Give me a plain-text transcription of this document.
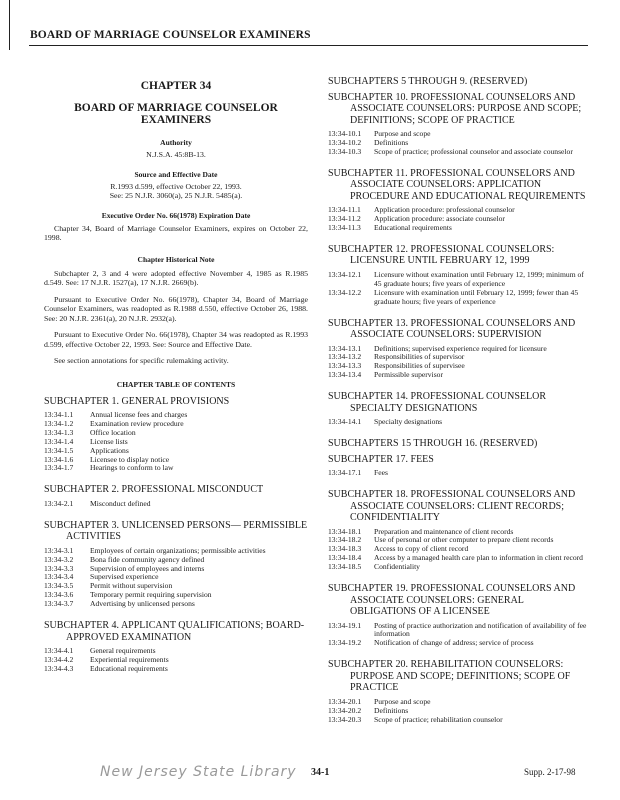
BOARD OF MARRIAGE COUNSELOR EXAMINERS
CHAPTER 34
BOARD OF MARRIAGE COUNSELOR EXAMINERS
Authority
N.J.S.A. 45:8B-13.
Source and Effective Date
R.1993 d.599, effective October 22, 1993.
See: 25 N.J.R. 3060(a), 25 N.J.R. 5485(a).
Executive Order No. 66(1978) Expiration Date
Chapter 34, Board of Marriage Counselor Examiners, expires on October 22, 1998.
Chapter Historical Note
Subchapter 2, 3 and 4 were adopted effective November 4, 1985 as R.1985 d.549. See: 17 N.J.R. 1527(a), 17 N.J.R. 2669(b).
Pursuant to Executive Order No. 66(1978), Chapter 34, Board of Marriage Counselor Examiners, was readopted as R.1988 d.550, effective October 26, 1988. See: 20 N.J.R. 2361(a), 20 N.J.R. 2932(a).
Pursuant to Executive Order No. 66(1978), Chapter 34 was readopted as R.1993 d.599, effective October 22, 1993. See: Source and Effective Date.
See section annotations for specific rulemaking activity.
CHAPTER TABLE OF CONTENTS
SUBCHAPTER 1. GENERAL PROVISIONS
13:34-1.1	Annual license fees and charges
13:34-1.2	Examination review procedure
13:34-1.3	Office location
13:34-1.4	License lists
13:34-1.5	Applications
13:34-1.6	Licensee to display notice
13:34-1.7	Hearings to conform to law
SUBCHAPTER 2. PROFESSIONAL MISCONDUCT
13:34-2.1	Misconduct defined
SUBCHAPTER 3. UNLICENSED PERSONS— PERMISSIBLE ACTIVITIES
13:34-3.1	Employees of certain organizations; permissible activities
13:34-3.2	Bona fide community agency defined
13:34-3.3	Supervision of employees and interns
13:34-3.4	Supervised experience
13:34-3.5	Permit without supervision
13:34-3.6	Temporary permit requiring supervision
13:34-3.7	Advertising by unlicensed persons
SUBCHAPTER 4. APPLICANT QUALIFICATIONS; BOARD-APPROVED EXAMINATION
13:34-4.1	General requirements
13:34-4.2	Experiential requirements
13:34-4.3	Educational requirements
SUBCHAPTERS 5 THROUGH 9. (RESERVED)
SUBCHAPTER 10. PROFESSIONAL COUNSELORS AND ASSOCIATE COUNSELORS: PURPOSE AND SCOPE; DEFINITIONS; SCOPE OF PRACTICE
13:34-10.1	Purpose and scope
13:34-10.2	Definitions
13:34-10.3	Scope of practice; professional counselor and associate counselor
SUBCHAPTER 11. PROFESSIONAL COUNSELORS AND ASSOCIATE COUNSELORS: APPLICATION PROCEDURE AND EDUCATIONAL REQUIREMENTS
13:34-11.1	Application procedure: professional counselor
13:34-11.2	Application procedure: associate counselor
13:34-11.3	Educational requirements
SUBCHAPTER 12. PROFESSIONAL COUNSELORS: LICENSURE UNTIL FEBRUARY 12, 1999
13:34-12.1	Licensure without examination until February 12, 1999; minimum of 45 graduate hours; five years of experience
13:34-12.2	Licensure with examination until February 12, 1999; fewer than 45 graduate hours; five years of experience
SUBCHAPTER 13. PROFESSIONAL COUNSELORS AND ASSOCIATE COUNSELORS: SUPERVISION
13:34-13.1	Definitions; supervised experience required for licensure
13:34-13.2	Responsibilities of supervisor
13:34-13.3	Responsibilities of supervisee
13:34-13.4	Permissible supervisor
SUBCHAPTER 14. PROFESSIONAL COUNSELOR SPECIALTY DESIGNATIONS
13:34-14.1	Specialty designations
SUBCHAPTERS 15 THROUGH 16. (RESERVED)
SUBCHAPTER 17. FEES
13:34-17.1	Fees
SUBCHAPTER 18. PROFESSIONAL COUNSELORS AND ASSOCIATE COUNSELORS: CLIENT RECORDS; CONFIDENTIALITY
13:34-18.1	Preparation and maintenance of client records
13:34-18.2	Use of personal or other computer to prepare client records
13:34-18.3	Access to copy of client record
13:34-18.4	Access by a managed health care plan to information in client record
13:34-18.5	Confidentiality
SUBCHAPTER 19. PROFESSIONAL COUNSELORS AND ASSOCIATE COUNSELORS: GENERAL OBLIGATIONS OF A LICENSEE
13:34-19.1	Posting of practice authorization and notification of availability of fee information
13:34-19.2	Notification of change of address; service of process
SUBCHAPTER 20. REHABILITATION COUNSELORS: PURPOSE AND SCOPE; DEFINITIONS; SCOPE OF PRACTICE
13:34-20.1	Purpose and scope
13:34-20.2	Definitions
13:34-20.3	Scope of practice; rehabilitation counselor
New Jersey State Library 34-1	Supp. 2-17-98
